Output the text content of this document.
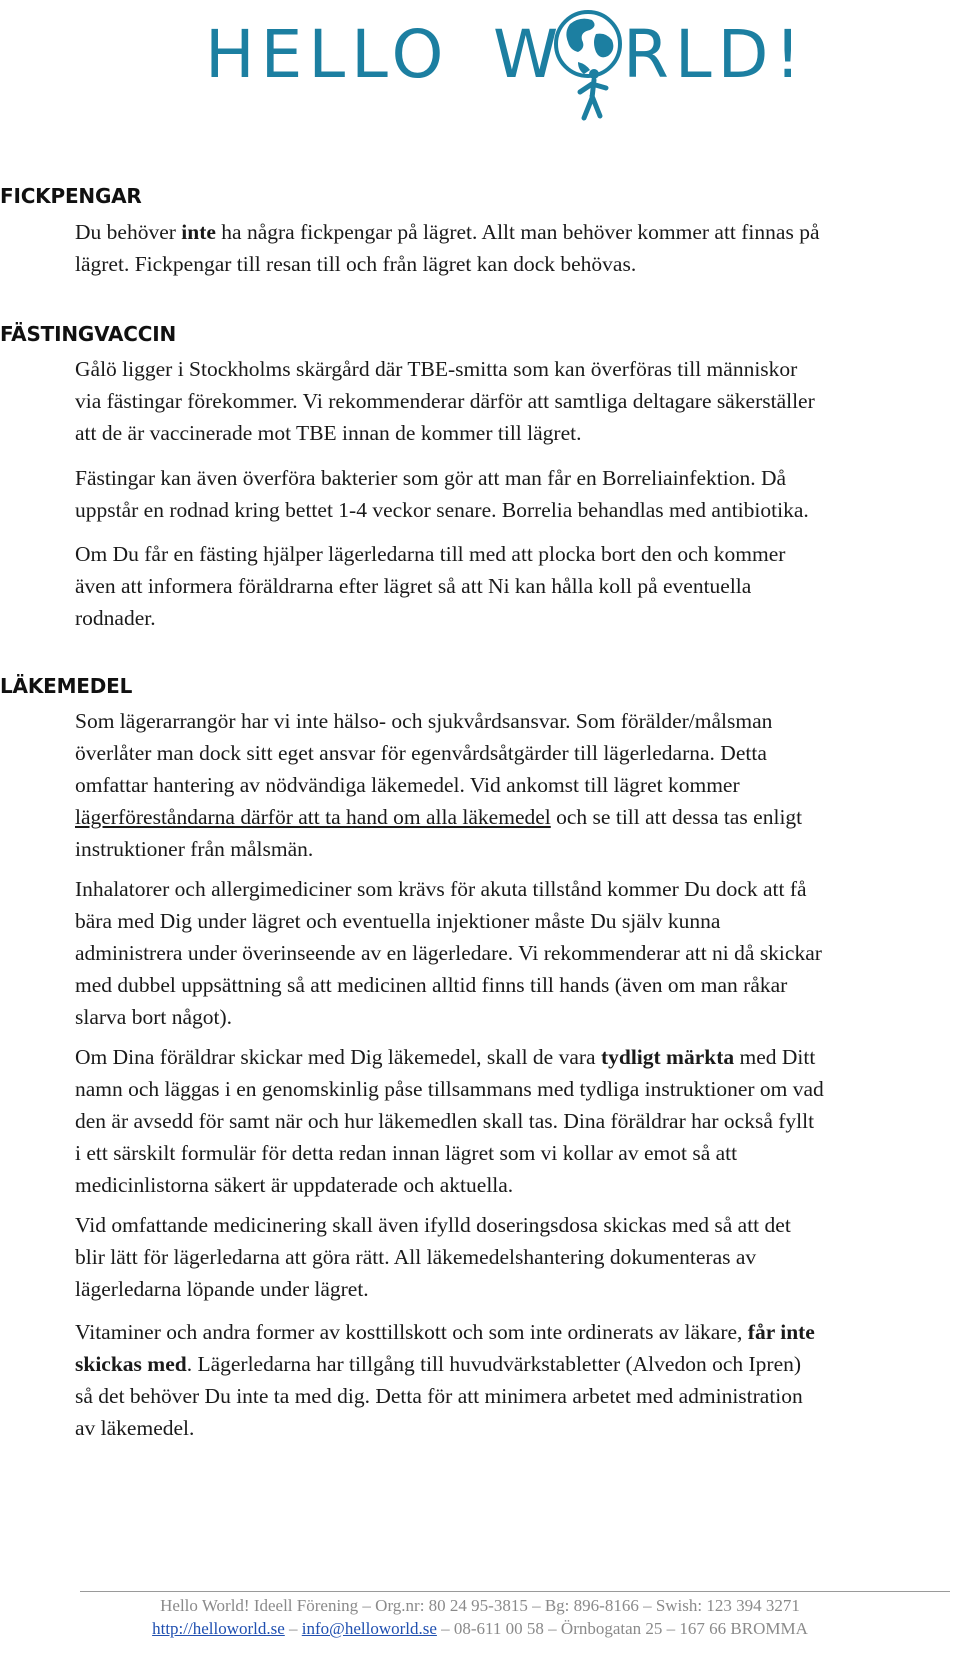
HELLO W RLD!
FICKPENGAR
Du behöver inte ha några fickpengar på lägret. Allt man behöver kommer att finnas på
lägret. Fickpengar till resan till och från lägret kan dock behövas.
FÄSTINGVACCIN
Gålö ligger i Stockholms skärgård där TBE-smitta som kan överföras till människor
via fästingar förekommer. Vi rekommenderar därför att samtliga deltagare säkerställer
att de är vaccinerade mot TBE innan de kommer till lägret.
Fästingar kan även överföra bakterier som gör att man får en Borreliainfektion. Då
uppstår en rodnad kring bettet 1-4 veckor senare. Borrelia behandlas med antibiotika.
Om Du får en fästing hjälper lägerledarna till med att plocka bort den och kommer
även att informera föräldrarna efter lägret så att Ni kan hålla koll på eventuella
rodnader.
LÄKEMEDEL
Som lägerarrangör har vi inte hälso- och sjukvårdsansvar. Som förälder/målsman
överlåter man dock sitt eget ansvar för egenvårdsåtgärder till lägerledarna. Detta
omfattar hantering av nödvändiga läkemedel. Vid ankomst till lägret kommer
lägerföreståndarna därför att ta hand om alla läkemedel och se till att dessa tas enligt
instruktioner från målsmän.
Inhalatorer och allergimediciner som krävs för akuta tillstånd kommer Du dock att få
bära med Dig under lägret och eventuella injektioner måste Du själv kunna
administrera under överinseende av en lägerledare. Vi rekommenderar att ni då skickar
med dubbel uppsättning så att medicinen alltid finns till hands (även om man råkar
slarva bort något).
Om Dina föräldrar skickar med Dig läkemedel, skall de vara tydligt märkta med Ditt
namn och läggas i en genomskinlig påse tillsammans med tydliga instruktioner om vad
den är avsedd för samt när och hur läkemedlen skall tas. Dina föräldrar har också fyllt
i ett särskilt formulär för detta redan innan lägret som vi kollar av emot så att
medicinlistorna säkert är uppdaterade och aktuella.
Vid omfattande medicinering skall även ifylld doseringsdosa skickas med så att det
blir lätt för lägerledarna att göra rätt. All läkemedelshantering dokumenteras av
lägerledarna löpande under lägret.
Vitaminer och andra former av kosttillskott och som inte ordinerats av läkare, får inte
skickas med. Lägerledarna har tillgång till huvudvärkstabletter (Alvedon och Ipren)
så det behöver Du inte ta med dig. Detta för att minimera arbetet med administration
av läkemedel.
Hello World! Ideell Förening – Org.nr: 80 24 95-3815 – Bg: 896-8166 – Swish: 123 394 3271
http://helloworld.se – info@helloworld.se – 08-611 00 58 – Örnbogatan 25 – 167 66 BROMMA
